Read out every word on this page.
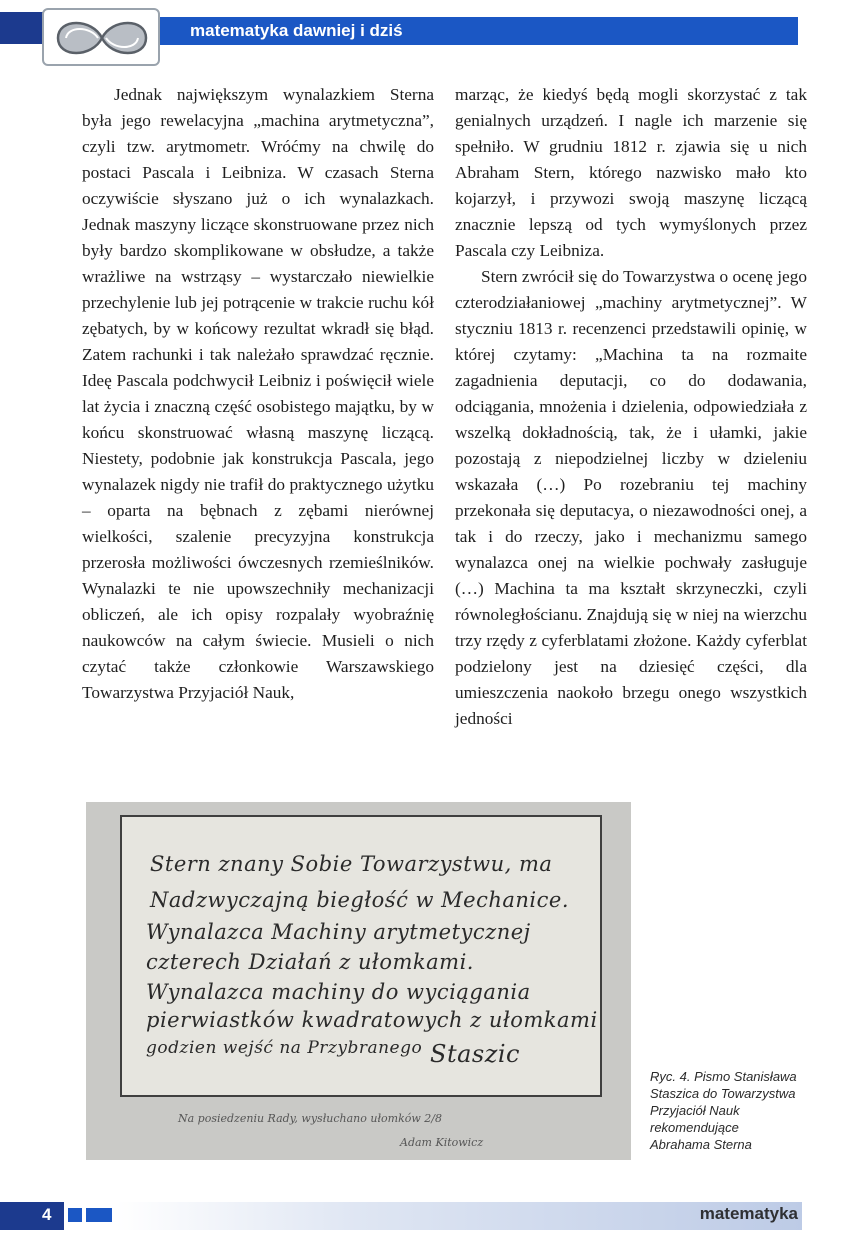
matematyka dawniej i dziś

Jednak największym wynalazkiem Sterna była jego rewelacyjna „machina arytmetyczna”, czyli tzw. arytmometr. Wróćmy na chwilę do postaci Pascala i Leibniza. W czasach Sterna oczywiście słyszano już o ich wynalazkach. Jednak maszyny liczące skonstruowane przez nich były bardzo skomplikowane w obsłudze, a także wrażliwe na wstrząsy – wystarczało niewielkie przechylenie lub jej potrącenie w trakcie ruchu kół zębatych, by w końcowy rezultat wkradł się błąd. Zatem rachunki i tak należało sprawdzać ręcznie. Ideę Pascala podchwycił Leibniz i poświęcił wiele lat życia i znaczną część osobistego majątku, by w końcu skonstruować własną maszynę liczącą. Niestety, podobnie jak konstrukcja Pascala, jego wynalazek nigdy nie trafił do praktycznego użytku – oparta na bębnach z zębami nierównej wielkości, szalenie precyzyjna konstrukcja przerosła możliwości ówczesnych rzemieślników. Wynalazki te nie upowszechniły mechanizacji obliczeń, ale ich opisy rozpalały wyobraźnię naukowców na całym świecie. Musieli o nich czytać także członkowie Warszawskiego Towarzystwa Przyjaciół Nauk,

marząc, że kiedyś będą mogli skorzystać z tak genialnych urządzeń. I nagle ich marzenie się spełniło. W grudniu 1812 r. zjawia się u nich Abraham Stern, którego nazwisko mało kto kojarzył, i przywozi swoją maszynę liczącą znacznie lepszą od tych wymyślonych przez Pascala czy Leibniza.

Stern zwrócił się do Towarzystwa o ocenę jego czterodziałaniowej „machiny arytmetycznej”. W styczniu 1813 r. recenzenci przedstawili opinię, w której czytamy: „Machina ta na rozmaite zagadnienia deputacji, co do dodawania, odciągania, mnożenia i dzielenia, odpowiedziała z wszelką dokładnością, tak, że i ułamki, jakie pozostają z niepodzielnej liczby w dzieleniu wskazała (…) Po rozebraniu tej machiny przekonała się deputacya, o niezawodności onej, a tak i do rzeczy, jako i mechanizmu samego wynalazca onej na wielkie pochwały zasługuje (…) Machina ta ma kształt skrzyneczki, czyli równoległościanu. Znajdują się w niej na wierzchu trzy rzędy z cyferblatami złożone. Każdy cyferblat podzielony jest na dziesięć części, dla umieszczenia naokoło brzegu onego wszystkich jedności

Stern znany Sobie Towarzystwu, ma
Nadzwyczajną biegłość w Mechanice.
Wynalazca Machiny arytmetycznej
czterech Działań z ułomkami.
Wynalazca machiny do wyciągania
pierwiastków kwadratowych z ułomkami
godzien wejść na Przybranego Staszic
Na posiedzeniu Rady, wysłuchano ułomków 2/8
Adam Kitowicz
Ryc. 4. Pismo Stanisława Staszica do Towarzystwa Przyjaciół Nauk rekomendujące Abrahama Sterna
4	matematyka
